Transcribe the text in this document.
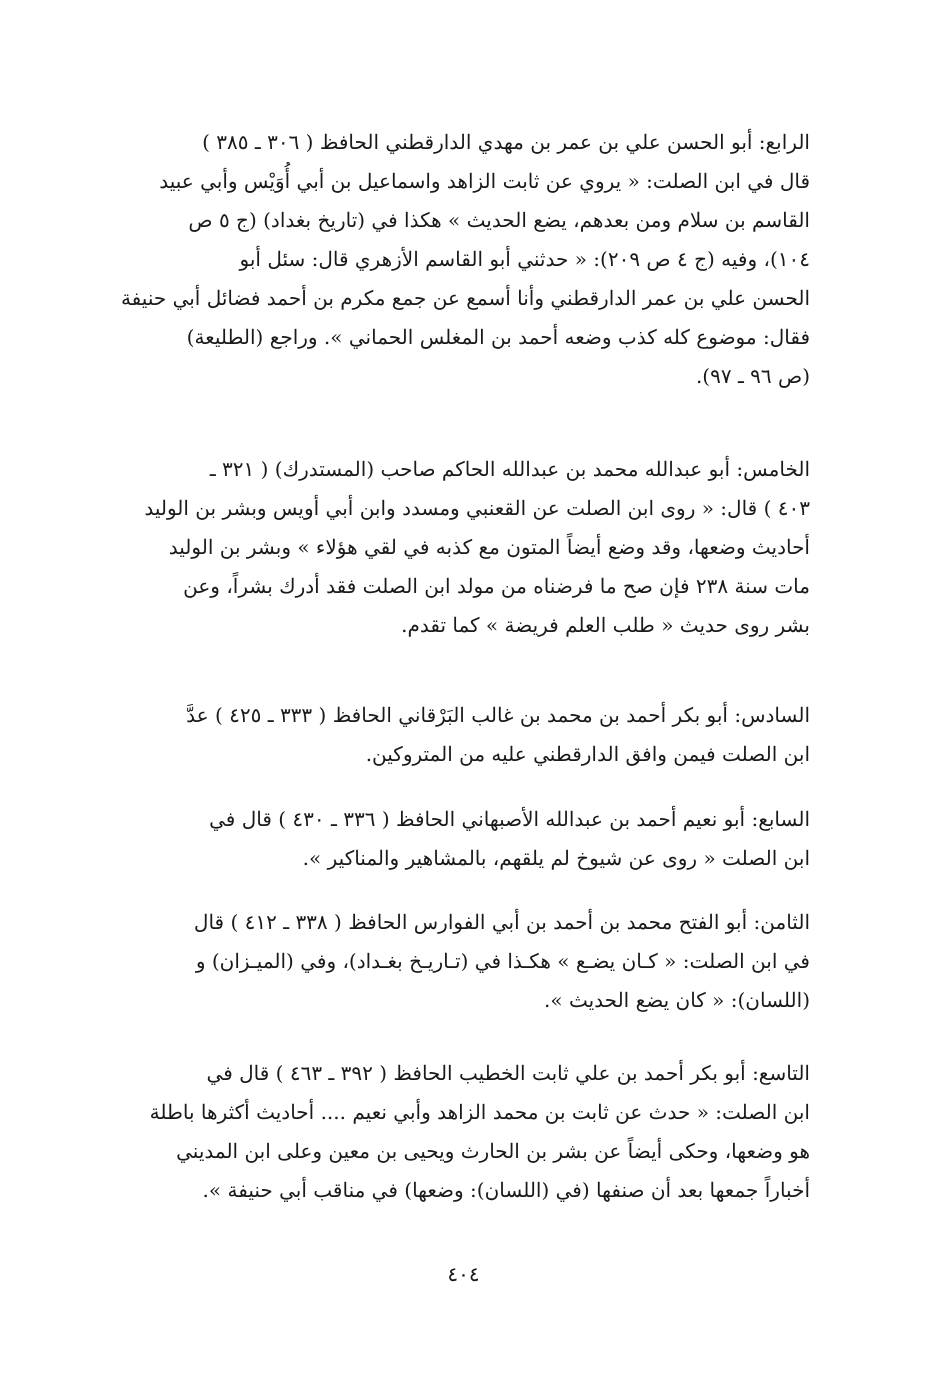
الرابع: أبو الحسن علي بن عمر بن مهدي الدارقطني الحافظ ( ٣٠٦ ـ ٣٨٥ )
قال في ابن الصلت: « يروي عن ثابت الزاهد واسماعيل بن أبي أُوَيْس وأبي عبيد
القاسم بن سلام ومن بعدهم، يضع الحديث » هكذا في (تاريخ بغداد) (ج ٥ ص
١٠٤)، وفيه (ج ٤ ص ٢٠٩): « حدثني أبو القاسم الأزهري قال: سئل أبو
الحسن علي بن عمر الدارقطني وأنا أسمع عن جمع مكرم بن أحمد فضائل أبي حنيفة
فقال: موضوع كله كذب وضعه أحمد بن المغلس الحماني ». وراجع (الطليعة)
(ص ٩٦ ـ ٩٧).
الخامس: أبو عبدالله محمد بن عبدالله الحاكم صاحب (المستدرك) ( ٣٢١ ـ
٤٠٣ ) قال: « روى ابن الصلت عن القعنبي ومسدد وابن أبي أويس وبشر بن الوليد
أحاديث وضعها، وقد وضع أيضاً المتون مع كذبه في لقي هؤلاء » وبشر بن الوليد
مات سنة ٢٣٨ فإن صح ما فرضناه من مولد ابن الصلت فقد أدرك بشراً، وعن
بشر روى حديث « طلب العلم فريضة » كما تقدم.
السادس: أبو بكر أحمد بن محمد بن غالب البَرْقاني الحافظ ( ٣٣٣ ـ ٤٢٥ ) عدَّ
ابن الصلت فيمن وافق الدارقطني عليه من المتروكين.
السابع: أبو نعيم أحمد بن عبدالله الأصبهاني الحافظ ( ٣٣٦ ـ ٤٣٠ ) قال في
ابن الصلت « روى عن شيوخ لم يلقهم، بالمشاهير والمناكير ».
الثامن: أبو الفتح محمد بن أحمد بن أبي الفوارس الحافظ ( ٣٣٨ ـ ٤١٢ ) قال
في ابن الصلت: « كـان يضـع » هكـذا في (تـاريـخ بغـداد)، وفي (الميـزان) و
(اللسان): « كان يضع الحديث ».
التاسع: أبو بكر أحمد بن علي ثابت الخطيب الحافظ ( ٣٩٢ ـ ٤٦٣ ) قال في
ابن الصلت: « حدث عن ثابت بن محمد الزاهد وأبي نعيم .... أحاديث أكثرها باطلة
هو وضعها، وحكى أيضاً عن بشر بن الحارث ويحيى بن معين وعلى ابن المديني
أخباراً جمعها بعد أن صنفها (في (اللسان): وضعها) في مناقب أبي حنيفة ».
٤٠٤
